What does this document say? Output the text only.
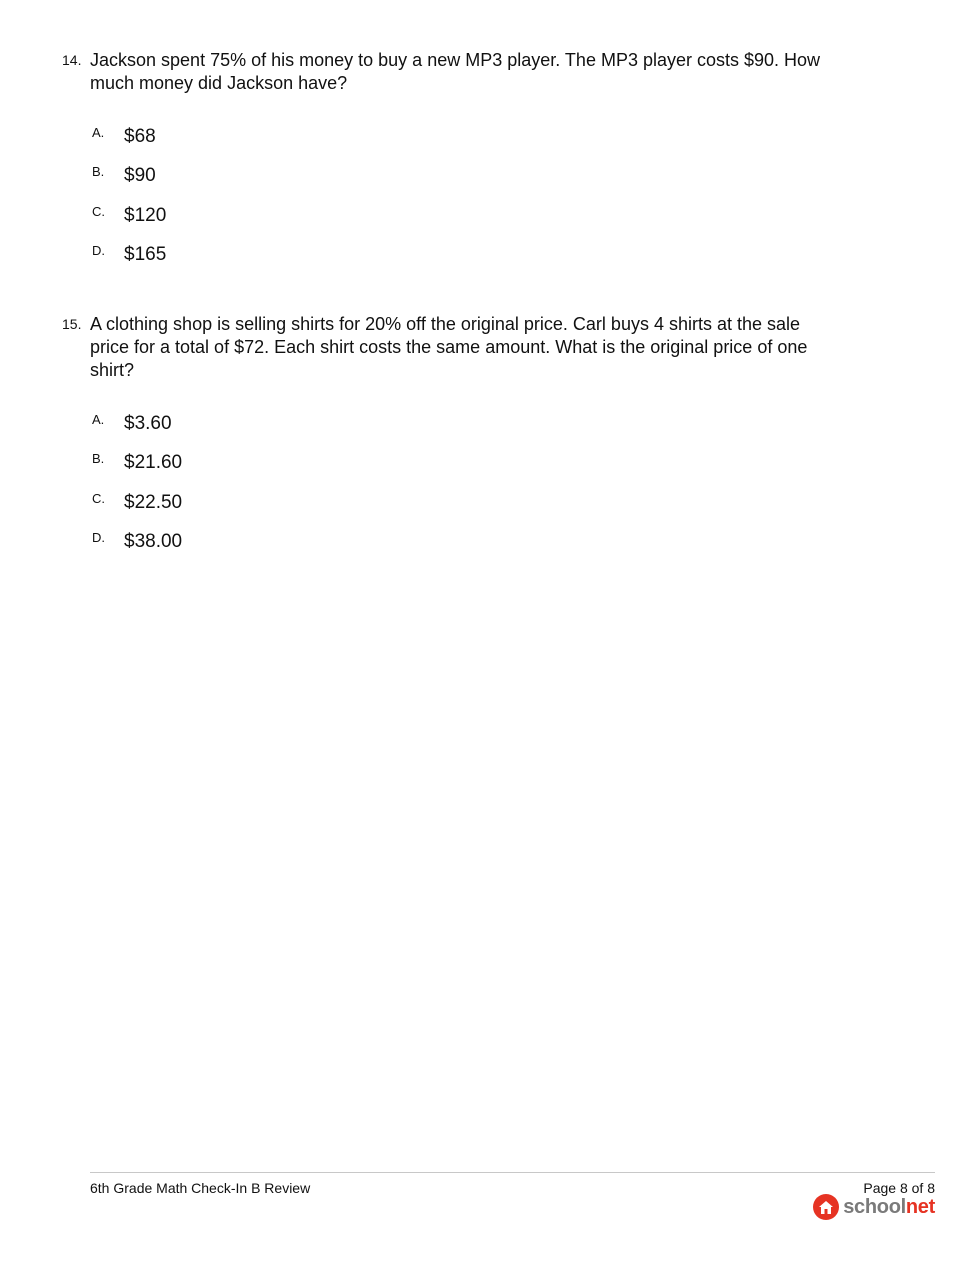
14. Jackson spent 75% of his money to buy a new MP3 player. The MP3 player costs $90. How much money did Jackson have?
A.	$68
B.	$90
C.	$120
D.	$165
15. A clothing shop is selling shirts for 20% off the original price. Carl buys 4 shirts at the sale price for a total of $72. Each shirt costs the same amount. What is the original price of one shirt?
A.	$3.60
B.	$21.60
C.	$22.50
D.	$38.00
6th Grade Math Check-In B Review	Page 8 of 8
schoolnet
